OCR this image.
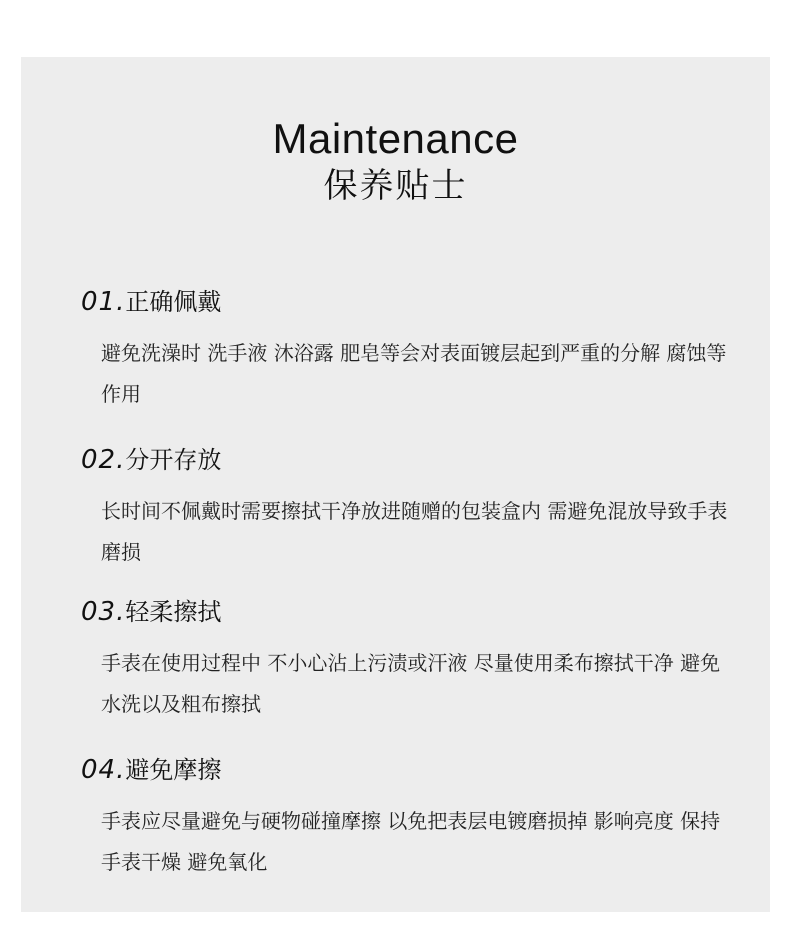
Maintenance
保养贴士
01.正确佩戴
避免洗澡时 洗手液 沐浴露 肥皂等会对表面镀层起到严重的分解 腐蚀等作用
02.分开存放
长时间不佩戴时需要擦拭干净放进随赠的包装盒内 需避免混放导致手表磨损
03.轻柔擦拭
手表在使用过程中 不小心沾上污渍或汗液 尽量使用柔布擦拭干净 避免水洗以及粗布擦拭
04.避免摩擦
手表应尽量避免与硬物碰撞摩擦 以免把表层电镀磨损掉 影响亮度 保持手表干燥 避免氧化
